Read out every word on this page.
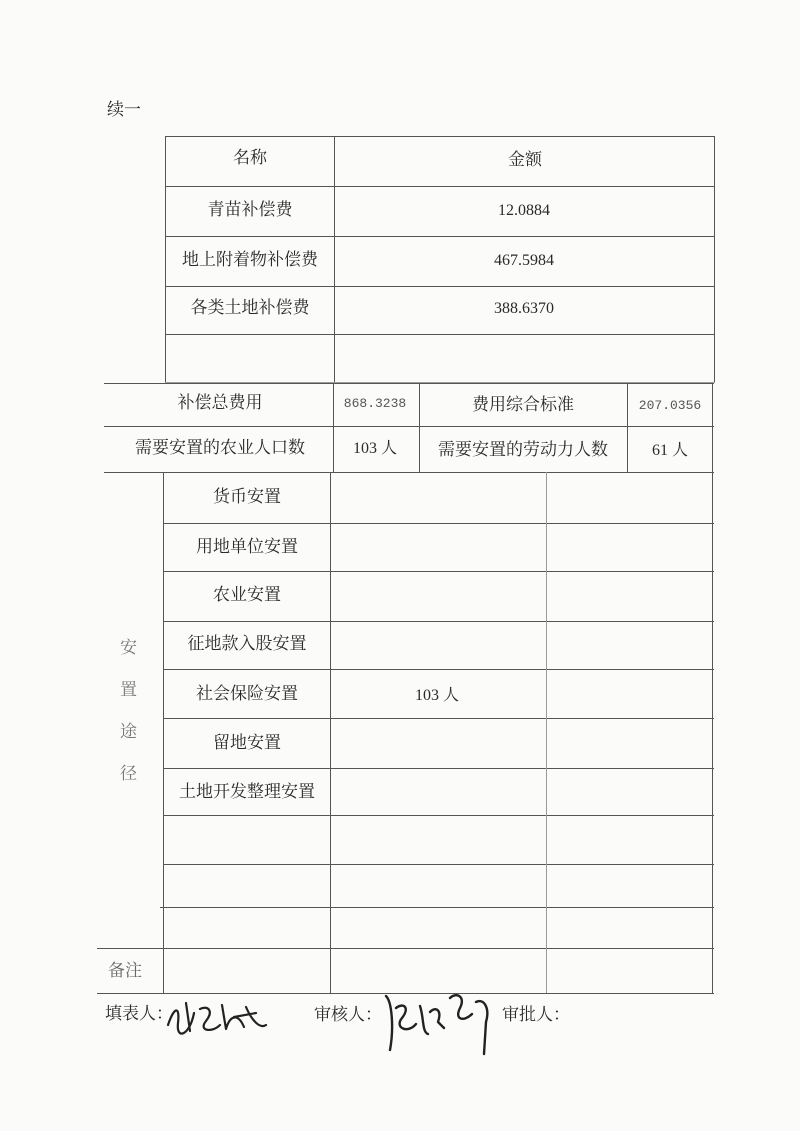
续一
名称	金额
青苗补偿费	12.0884
地上附着物补偿费	467.5984
各类土地补偿费	388.6370
补偿总费用	868.3238	费用综合标准	207.0356
需要安置的农业人口数	103 人 需要安置的劳动力人数	61 人
安
置
途
径
货币安置
用地单位安置
农业安置
征地款入股安置
社会保险安置	103 人
留地安置
土地开发整理安置
备注
填表人：	审核人：	审批人：
